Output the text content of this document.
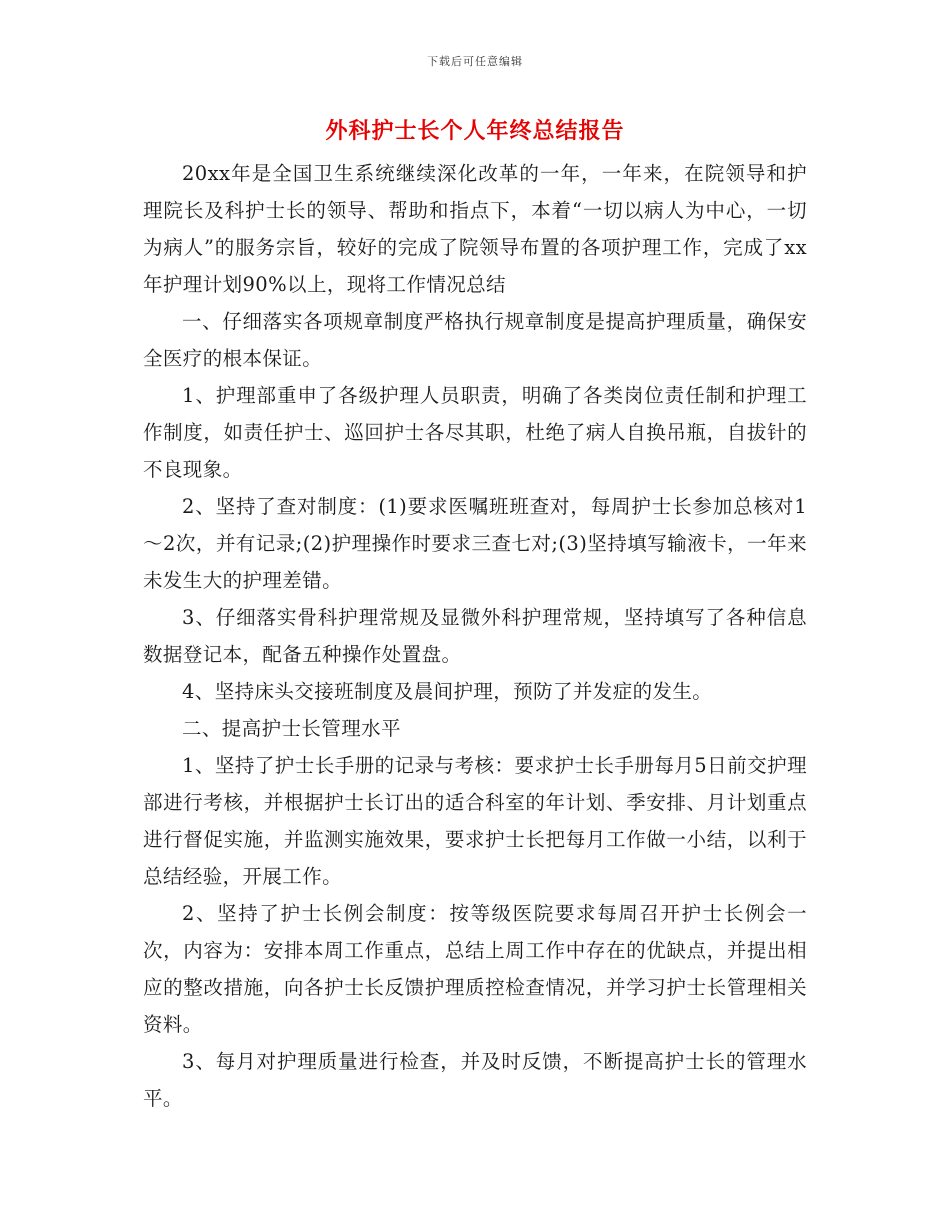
下载后可任意编辑
外科护士长个人年终总结报告

20xx年是全国卫生系统继续深化改革的一年，一年来，在院领导和护理院长及科护士长的领导、帮助和指点下，本着“一切以病人为中心，一切为病人”的服务宗旨，较好的完成了院领导布置的各项护理工作，完成了xx年护理计划90%以上，现将工作情况总结

一、仔细落实各项规章制度严格执行规章制度是提高护理质量，确保安全医疗的根本保证。

1、护理部重申了各级护理人员职责，明确了各类岗位责任制和护理工作制度，如责任护士、巡回护士各尽其职，杜绝了病人自换吊瓶，自拔针的不良现象。

2、坚持了查对制度：(1)要求医嘱班班查对，每周护士长参加总核对1～2次，并有记录;(2)护理操作时要求三查七对;(3)坚持填写输液卡，一年来未发生大的护理差错。

3、仔细落实骨科护理常规及显微外科护理常规，坚持填写了各种信息数据登记本，配备五种操作处置盘。

4、坚持床头交接班制度及晨间护理，预防了并发症的发生。

二、提高护士长管理水平

1、坚持了护士长手册的记录与考核：要求护士长手册每月5日前交护理部进行考核，并根据护士长订出的适合科室的年计划、季安排、月计划重点进行督促实施，并监测实施效果，要求护士长把每月工作做一小结，以利于总结经验，开展工作。

2、坚持了护士长例会制度：按等级医院要求每周召开护士长例会一次，内容为：安排本周工作重点，总结上周工作中存在的优缺点，并提出相应的整改措施，向各护士长反馈护理质控检查情况，并学习护士长管理相关资料。

3、每月对护理质量进行检查，并及时反馈，不断提高护士长的管理水平。
